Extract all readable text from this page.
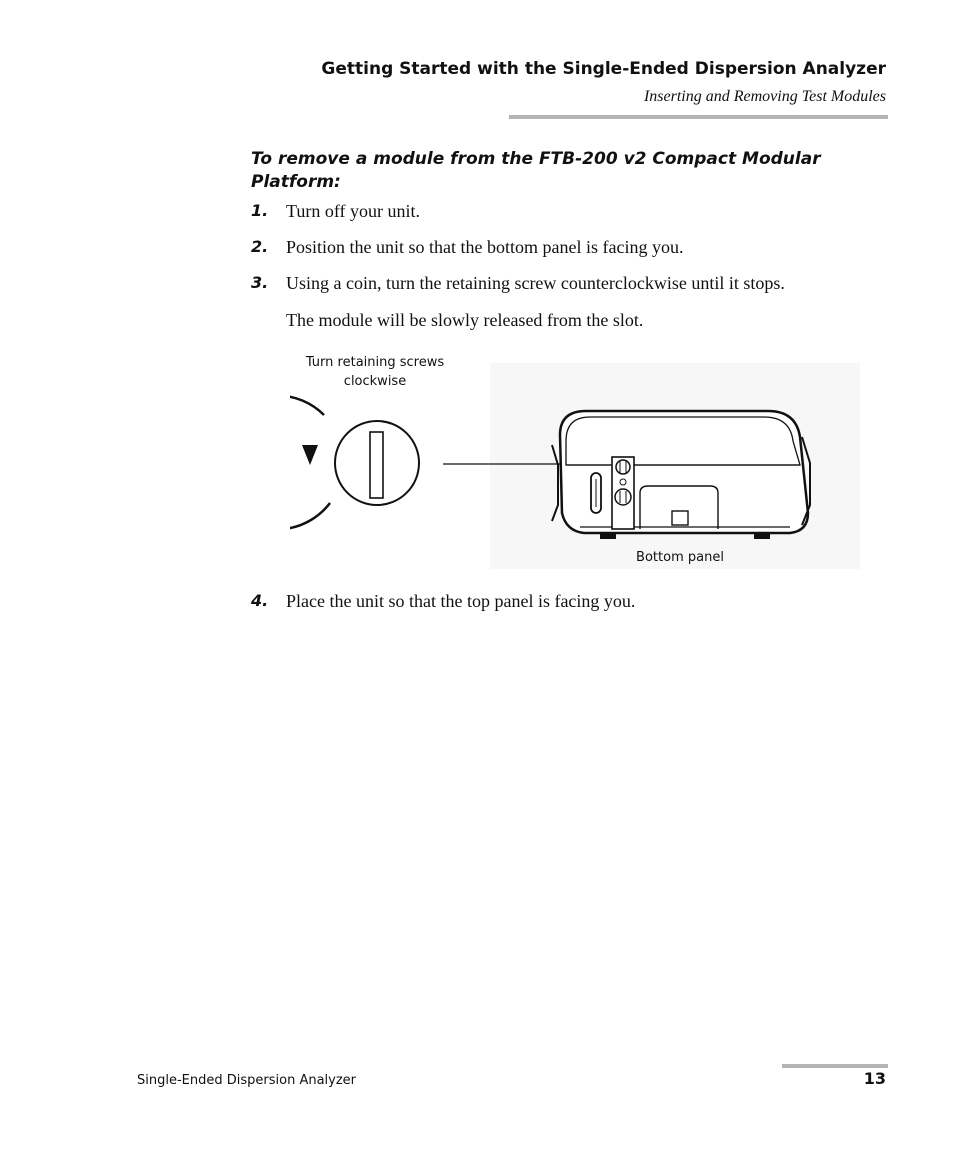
Getting Started with the Single-Ended Dispersion Analyzer
Inserting and Removing Test Modules
To remove a module from the FTB-200 v2 Compact Modular Platform:
1. Turn off your unit.
2. Position the unit so that the bottom panel is facing you.
3. Using a coin, turn the retaining screw counterclockwise until it stops.
The module will be slowly released from the slot.
Turn retaining screws clockwise
Bottom panel
4. Place the unit so that the top panel is facing you.
Single-Ended Dispersion Analyzer	13
